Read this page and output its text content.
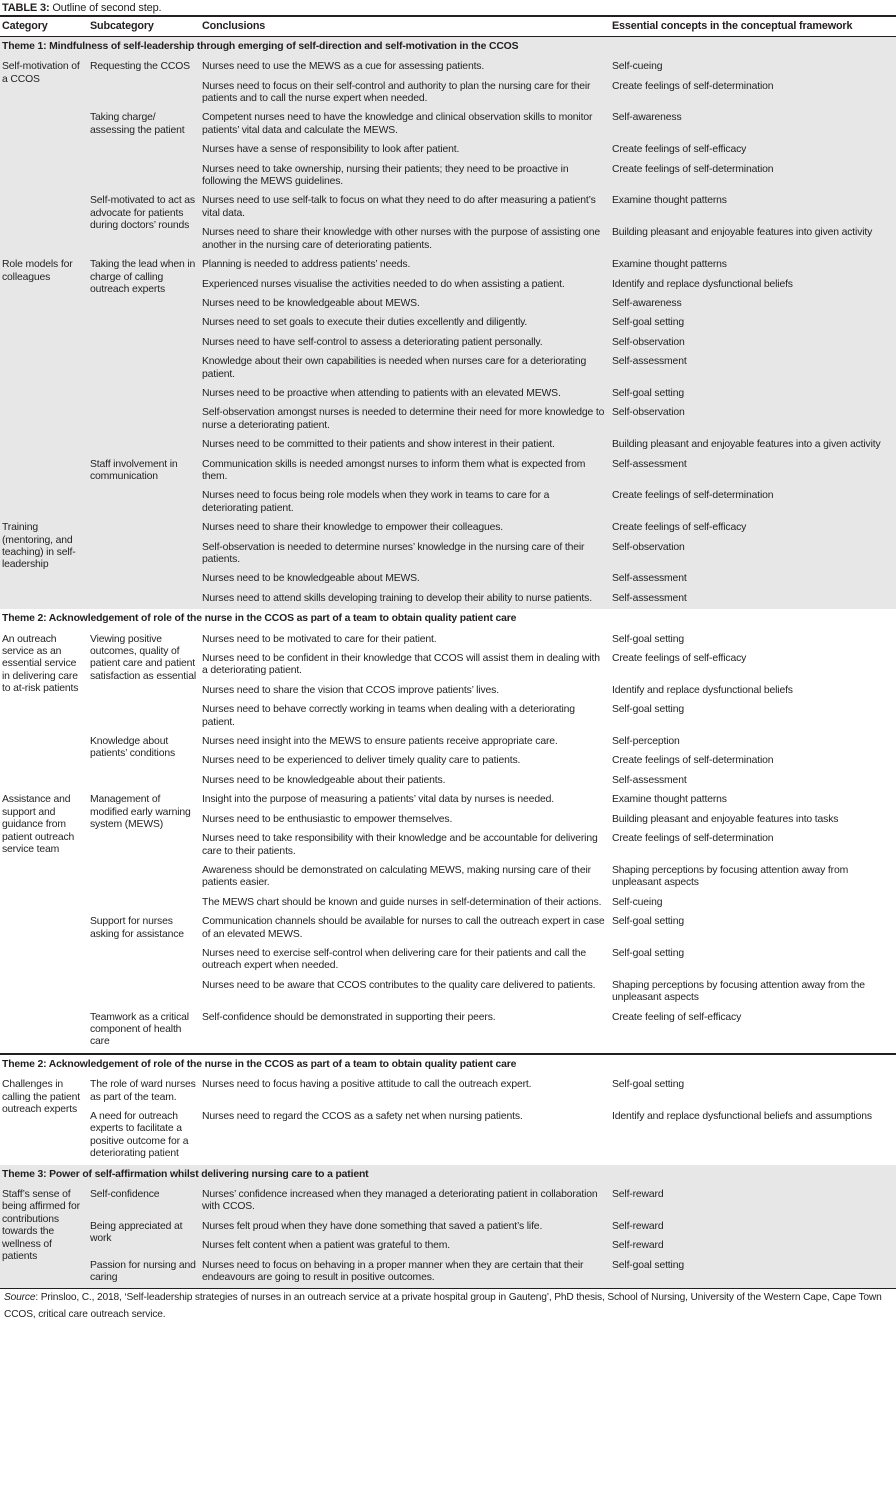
TABLE 3: Outline of second step.
Category	Subcategory	Conclusions	Essential concepts in the conceptual framework
Theme 1: Mindfulness of self-leadership through emerging of self-direction and self-motivation in the CCOS			
Self-motivation of a CCOS	Requesting the CCOS	Nurses need to use the MEWS as a cue for assessing patients.	Self-cueing
		Nurses need to focus on their self-control and authority to plan the nursing care for their patients and to call the nurse expert when needed.	Create feelings of self-determination
	Taking charge/ assessing the patient	Competent nurses need to have the knowledge and clinical observation skills to monitor patients’ vital data and calculate the MEWS.	Self-awareness
		Nurses have a sense of responsibility to look after patient.	Create feelings of self-efficacy
		Nurses need to take ownership, nursing their patients; they need to be proactive in following the MEWS guidelines.	Create feelings of self-determination
	Self-motivated to act as advocate for patients during doctors’ rounds	Nurses need to use self-talk to focus on what they need to do after measuring a patient’s vital data.	Examine thought patterns
		Nurses need to share their knowledge with other nurses with the purpose of assisting one another in the nursing care of deteriorating patients.	Building pleasant and enjoyable features into given activity
Role models for colleagues	Taking the lead when in charge of calling outreach experts	Planning is needed to address patients’ needs.	Examine thought patterns
		Experienced nurses visualise the activities needed to do when assisting a patient.	Identify and replace dysfunctional beliefs
		Nurses need to be knowledgeable about MEWS.	Self-awareness
		Nurses need to set goals to execute their duties excellently and diligently.	Self-goal setting
		Nurses need to have self-control to assess a deteriorating patient personally.	Self-observation
		Knowledge about their own capabilities is needed when nurses care for a deteriorating patient.	Self-assessment
		Nurses need to be proactive when attending to patients with an elevated MEWS.	Self-goal setting
		Self-observation amongst nurses is needed to determine their need for more knowledge to nurse a deteriorating patient.	Self-observation
		Nurses need to be committed to their patients and show interest in their patient.	Building pleasant and enjoyable features into a given activity
	Staff involvement in communication	Communication skills is needed amongst nurses to inform them what is expected from them.	Self-assessment
		Nurses need to focus being role models when they work in teams to care for a deteriorating patient.	Create feelings of self-determination
Training (mentoring, and teaching) in self-leadership		Nurses need to share their knowledge to empower their colleagues.	Create feelings of self-efficacy
		Self-observation is needed to determine nurses’ knowledge in the nursing care of their patients.	Self-observation
		Nurses need to be knowledgeable about MEWS.	Self-assessment
		Nurses need to attend skills developing training to develop their ability to nurse patients.	Self-assessment
Theme 2: Acknowledgement of role of the nurse in the CCOS as part of a team to obtain quality patient care			
An outreach service as an essential service in delivering care to at-risk patients	Viewing positive outcomes, quality of patient care and patient satisfaction as essential	Nurses need to be motivated to care for their patient.	Self-goal setting
		Nurses need to be confident in their knowledge that CCOS will assist them in dealing with a deteriorating patient.	Create feelings of self-efficacy
		Nurses need to share the vision that CCOS improve patients’ lives.	Identify and replace dysfunctional beliefs
		Nurses need to behave correctly working in teams when dealing with a deteriorating patient.	Self-goal setting
	Knowledge about patients’ conditions	Nurses need insight into the MEWS to ensure patients receive appropriate care.	Self-perception
		Nurses need to be experienced to deliver timely quality care to patients.	Create feelings of self-determination
		Nurses need to be knowledgeable about their patients.	Self-assessment
Assistance and support and guidance from patient outreach service team	Management of modified early warning system (MEWS)	Insight into the purpose of measuring a patients’ vital data by nurses is needed.	Examine thought patterns
		Nurses need to be enthusiastic to empower themselves.	Building pleasant and enjoyable features into tasks
		Nurses need to take responsibility with their knowledge and be accountable for delivering care to their patients.	Create feelings of self-determination
		Awareness should be demonstrated on calculating MEWS, making nursing care of their patients easier.	Shaping perceptions by focusing attention away from unpleasant aspects
		The MEWS chart should be known and guide nurses in self-determination of their actions.	Self-cueing
	Support for nurses asking for assistance	Communication channels should be available for nurses to call the outreach expert in case of an elevated MEWS.	Self-goal setting
		Nurses need to exercise self-control when delivering care for their patients and call the outreach expert when needed.	Self-goal setting
		Nurses need to be aware that CCOS contributes to the quality care delivered to patients.	Shaping perceptions by focusing attention away from the unpleasant aspects
	Teamwork as a critical component of health care	Self-confidence should be demonstrated in supporting their peers.	Create feeling of self-efficacy
Theme 2: Acknowledgement of role of the nurse in the CCOS as part of a team to obtain quality patient care			
Challenges in calling the patient outreach experts	The role of ward nurses as part of the team.	Nurses need to focus having a positive attitude to call the outreach expert.	Self-goal setting
	A need for outreach experts to facilitate a positive outcome for a deteriorating patient	Nurses need to regard the CCOS as a safety net when nursing patients.	Identify and replace dysfunctional beliefs and assumptions
Theme 3: Power of self-affirmation whilst delivering nursing care to a patient			
Staff’s sense of being affirmed for contributions towards the wellness of patients	Self-confidence	Nurses’ confidence increased when they managed a deteriorating patient in collaboration with CCOS.	Self-reward
	Being appreciated at work	Nurses felt proud when they have done something that saved a patient’s life.	Self-reward
		Nurses felt content when a patient was grateful to them.	Self-reward
	Passion for nursing and caring	Nurses need to focus on behaving in a proper manner when they are certain that their endeavours are going to result in positive outcomes.	Self-goal setting

Source: Prinsloo, C., 2018, ‘Self-leadership strategies of nurses in an outreach service at a private hospital group in Gauteng’, PhD thesis, School of Nursing, University of the Western Cape, Cape Town

CCOS, critical care outreach service.
